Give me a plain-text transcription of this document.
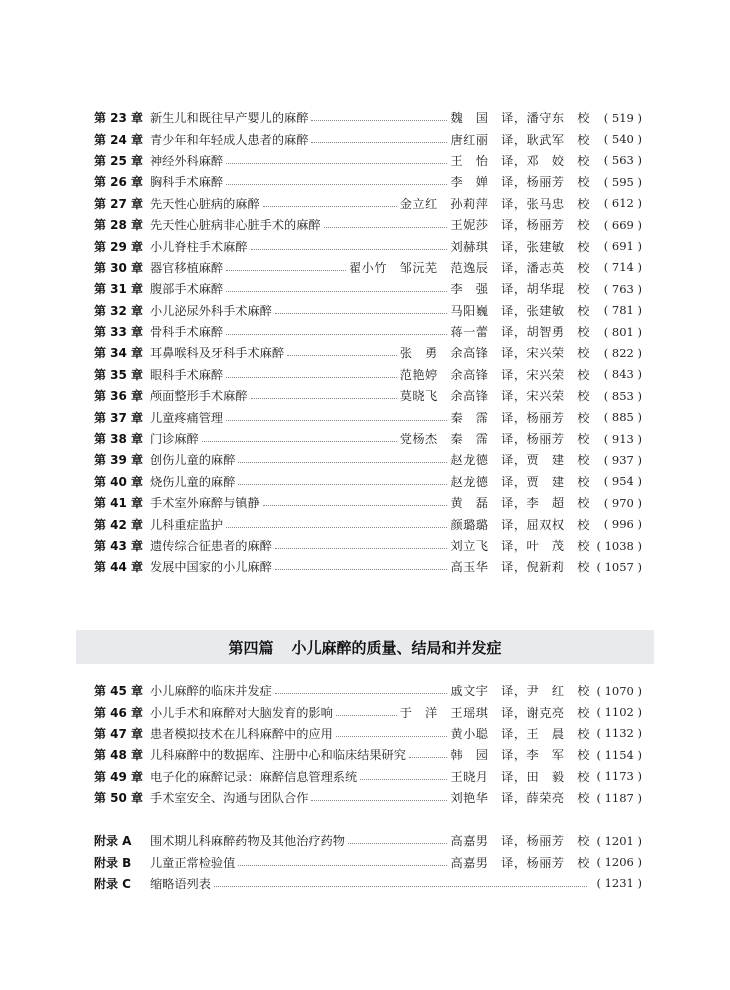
第 23 章 新生儿和既往早产婴儿的麻醉	魏　国　译，潘守东　校	( 519 )
第 24 章 青少年和年轻成人患者的麻醉	唐红丽　译，耿武军　校	( 540 )
第 25 章 神经外科麻醉	王　怡　译，邓　姣　校	( 563 )
第 26 章 胸科手术麻醉	李　婵　译，杨丽芳　校	( 595 )
第 27 章 先天性心脏病的麻醉	金立红　孙莉萍　译，张马忠　校	( 612 )
第 28 章 先天性心脏病非心脏手术的麻醉	王妮莎　译，杨丽芳　校	( 669 )
第 29 章 小儿脊柱手术麻醉	刘赫琪　译，张建敏　校	( 691 )
第 30 章 器官移植麻醉	翟小竹　邹沅芜　范逸辰　译，潘志英　校	( 714 )
第 31 章 腹部手术麻醉	李　强　译，胡华琨　校	( 763 )
第 32 章 小儿泌尿外科手术麻醉	马阳巍　译，张建敏　校	( 781 )
第 33 章 骨科手术麻醉	蒋一蕾　译，胡智勇　校	( 801 )
第 34 章 耳鼻喉科及牙科手术麻醉	张　勇　余高锋　译，宋兴荣　校	( 822 )
第 35 章 眼科手术麻醉	范艳婷　余高锋　译，宋兴荣　校	( 843 )
第 36 章 颅面整形手术麻醉	莫晓飞　余高锋　译，宋兴荣　校	( 853 )
第 37 章 儿童疼痛管理	秦　霈　译，杨丽芳　校	( 885 )
第 38 章 门诊麻醉	党杨杰　秦　霈　译，杨丽芳　校	( 913 )
第 39 章 创伤儿童的麻醉	赵龙德　译，贾　建　校	( 937 )
第 40 章 烧伤儿童的麻醉	赵龙德　译，贾　建　校	( 954 )
第 41 章 手术室外麻醉与镇静	黄　磊　译，李　超　校	( 970 )
第 42 章 儿科重症监护	颜璐璐　译，屈双权　校	( 996 )
第 43 章 遗传综合征患者的麻醉	刘立飞　译，叶　茂　校 ( 1038 )
第 44 章 发展中国家的小儿麻醉	高玉华　译，倪新莉　校 ( 1057 )
第四篇 小儿麻醉的质量、结局和并发症
第 45 章 小儿麻醉的临床并发症	戚文宇　译，尹　红　校 ( 1070 )
第 46 章 小儿手术和麻醉对大脑发育的影响	于　洋　王瑶琪　译，谢克亮　校 ( 1102 )
第 47 章 患者模拟技术在儿科麻醉中的应用	黄小聪　译，王　晨　校 ( 1132 )
第 48 章 儿科麻醉中的数据库、注册中心和临床结果研究	韩　园　译，李　军　校 ( 1154 )
第 49 章 电子化的麻醉记录：麻醉信息管理系统	王晓月　译，田　毅　校 ( 1173 )
第 50 章 手术室安全、沟通与团队合作	刘艳华　译，薛荣亮　校 ( 1187 )
附录 A	围术期儿科麻醉药物及其他治疗药物	高嘉男　译，杨丽芳　校 ( 1201 )
附录 B	儿童正常检验值	高嘉男　译，杨丽芳　校 ( 1206 )
附录 C	缩略语列表	( 1231 )
